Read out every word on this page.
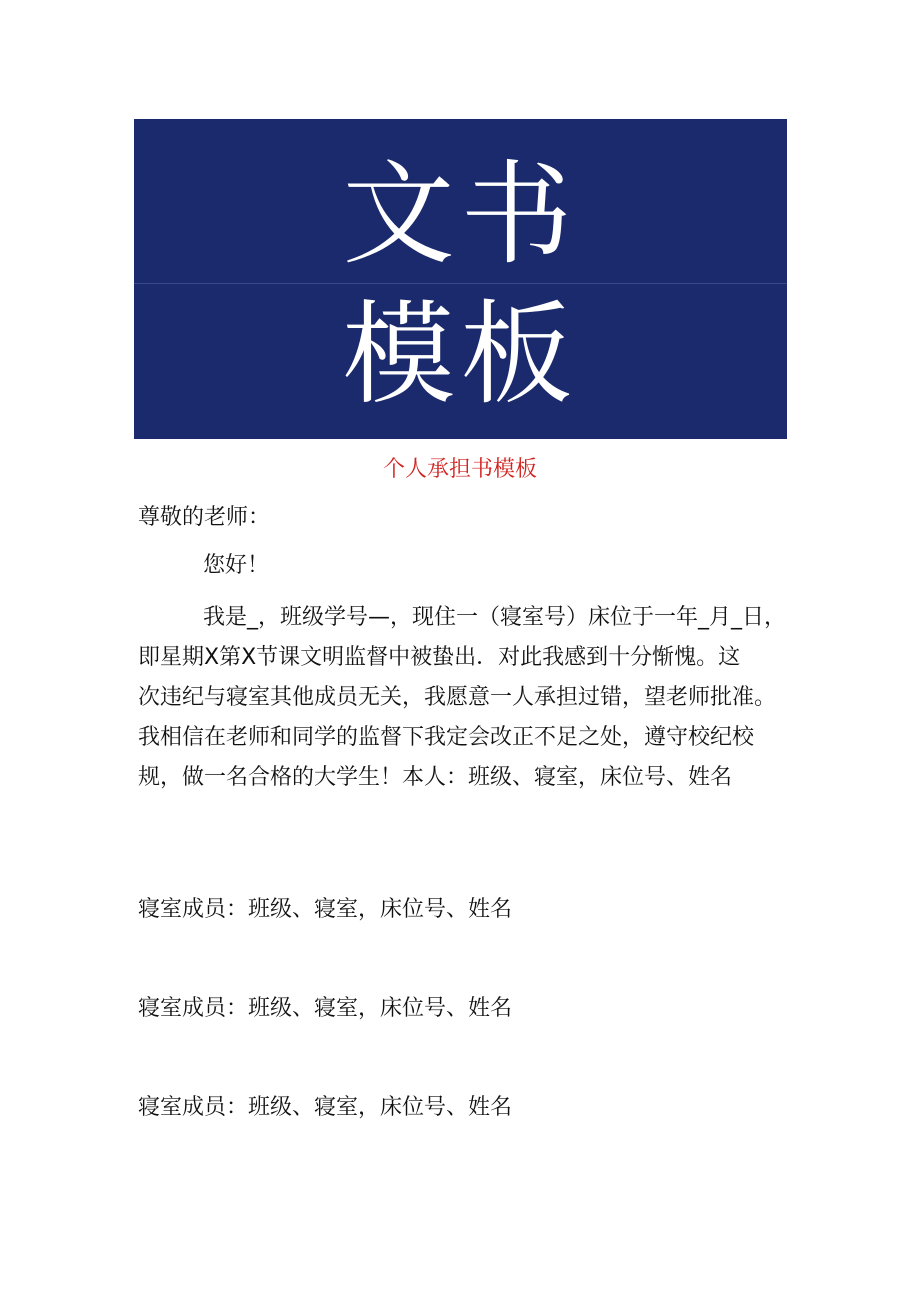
文书
模板
个人承担书模板
尊敬的老师：
您好！
我是_，班级学号—，现住一（寝室号）床位于一年_月_日，
即星期Ⅹ第Ⅹ节课文明监督中被蛰出．对此我感到十分惭愧。这
次违纪与寝室其他成员无关，我愿意一人承担过错，望老师批准。
我相信在老师和同学的监督下我定会改正不足之处，遵守校纪校
规，做一名合格的大学生！本人：班级、寝室，床位号、姓名
寝室成员：班级、寝室，床位号、姓名
寝室成员：班级、寝室，床位号、姓名
寝室成员：班级、寝室，床位号、姓名
